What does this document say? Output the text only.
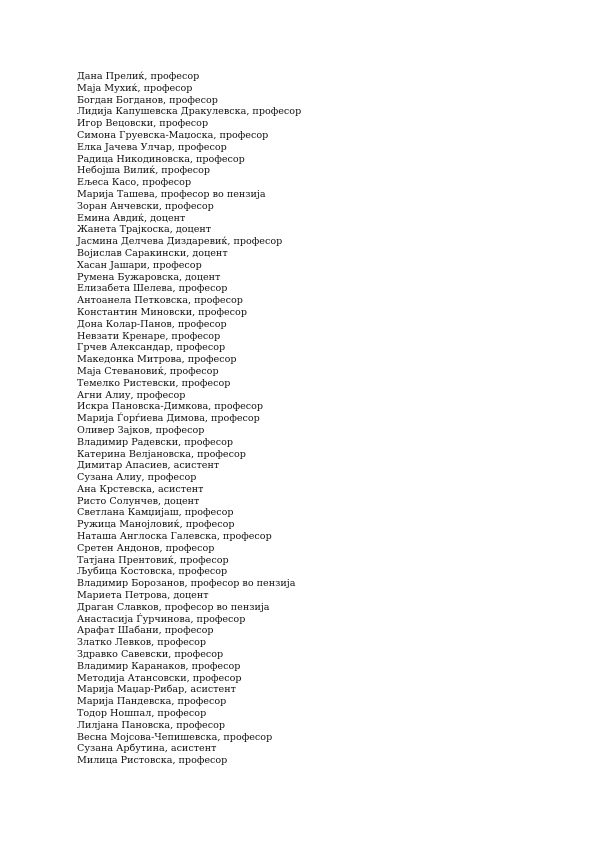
Дана Прелиќ, професор
Маја Мухиќ, професор
Богдан Богданов, професор
Лидија Капушевска Дракулевска, професор
Игор Вецовски, професор
Симона Груевска-Маџоска, професор
Елка Јачева Улчар, професор
Радица Никодиновска, професор
Небојша Вилиќ, професор
Ељеса Касо, професор
Марија Ташева, професор во пензија
Зоран Анчевски, професор
Емина Авдиќ, доцент
Жанета Трајкоска, доцент
Јасмина Делчева Диздаревиќ, професор
Војислав Саракински, доцент
Хасан Јашари, професор
Румена Бужаровска, доцент
Елизабета Шелева, професор
Антоанела Петковска, професор
Константин Миновски, професор
Дона Колар-Панов, професор
Невзати Кренаре, професор
Грчев Александар, професор
Македонка Митрова, професор
Маја Стевановиќ, професор
Темелко Ристевски, професор
Агни Алиу, професор
Искра Пановска-Димкова, професор
Марија Ѓорѓиева Димова, професор
Оливер Зајков, професор
Владимир Радевски, професор
Катерина Велјановска, професор
Димитар Апасиев, асистент
Сузана Алиу, професор
Ана Крстевска, асистент
Ристо Солунчев, доцент
Светлана Камџијаш, професор
Ружица Манојловиќ, професор
Наташа Англоска Галевска, професор
Сретен Андонов, професор
Татјана Прентовиќ, професор
Љубица Костовска, професор
Владимир Борозанов, професор во пензија
Мариета Петрова, доцент
Драган Славков, професор во пензија
Анастасија Ѓурчинова, професор
Арафат Шабани, професор
Златко Левков, професор
Здравко Савевски, професор
Владимир Каранаков, професор
Методија Атансовски, професор
Марија Маџар-Рибар, асистент
Марија Пандевска, професор
Тодор Ношпал, професор
Лилјана Пановска, професор
Весна Мојсова-Чепишевска, професор
Сузана Арбутина, асистент
Милица Ристовска, професор
